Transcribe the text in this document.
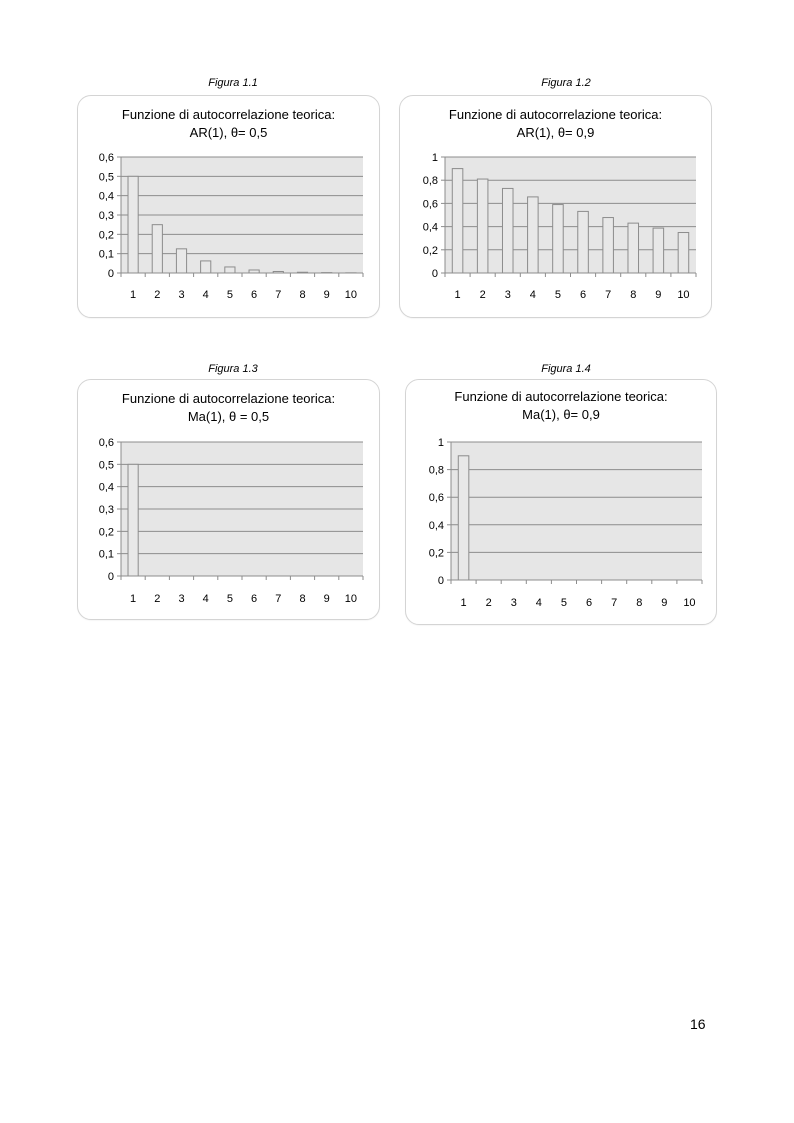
Figura 1.1	Figura 1.2
Figura 1.3	Figura 1.4
Funzione di autocorrelazione teorica:
AR(1), θ= 0,5
0
0,1
0,2
0,3
0,4
0,5
0,6
1 2 3 4 5 6 7 8 9 10
Funzione di autocorrelazione teorica:
AR(1), θ= 0,9
0
0,2
0,4
0,6
0,8
1
1 2 3 4 5 6 7 8 9 10
Funzione di autocorrelazione teorica:
Ma(1), θ = 0,5
0
0,1
0,2
0,3
0,4
0,5
0,6
1 2 3 4 5 6 7 8 9 10
Funzione di autocorrelazione teorica:
Ma(1), θ= 0,9
0
0,2
0,4
0,6
0,8
1
1 2 3 4 5 6 7 8 9 10
16
